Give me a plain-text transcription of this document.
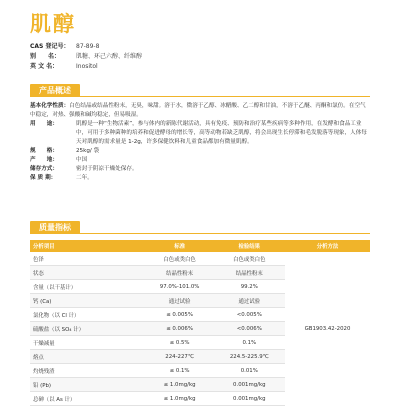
肌醇
CAS 登记号：	87-89-8
别　　名：	肌糖、环己六醇、纤维醇
英 文 名：	Inositol
产品概述
基本化学性质：白色结晶或结晶性粉末，无臭，味甜。溶于水，微溶于乙醇、冰醋酸、乙二醇和甘油，不溶于乙醚、丙酮和氯仿。在空气中稳定，对热、强酸和碱均稳定，但易吸湿。
用　　途：	肌醇是一种“生物活素”，参与体内的新陈代谢活动，具有免疫、预防和治疗某些疾病等多种作用，在发酵和食品工业中，可用于多种菌种的培养和促进酵母的增长等，高等动物若缺乏肌醇，将会出现生长停滞和毛发脱落等现象，人体每天对肌醇的需求量是 1-2g，许多保健饮料和儿童食品都加有微量肌醇。
规　　格：	25kg/ 袋
产　　地：	中国
储存方式：	密封于阴凉干燥处保存。
保 质 期：	二年。
质量指标
分析项目	标准	检验结果	分析方法
色泽	白色或类白色	白色或类白色	GB1903.42-2020
状态	结晶性粉末	结晶性粉末	
含量（以干基计）	97.0%-101.0%	99.2%	
钙 (Ca)	通过试验	通过试验	
氯化物（以 Cl 计）	≤ 0.005%	<0.005%	
硫酸盐（以 SO₄ 计）	≤ 0.006%	<0.006%	
干燥减量	≤ 0.5%	0.1%	
熔点	224-227℃	224.5-225.9℃	
灼烧残渣	≤ 0.1%	0.01%	
铅 (Pb)	≤ 1.0mg/kg	0.001mg/kg	
总砷（以 As 计）	≤ 1.0mg/kg	0.001mg/kg	
